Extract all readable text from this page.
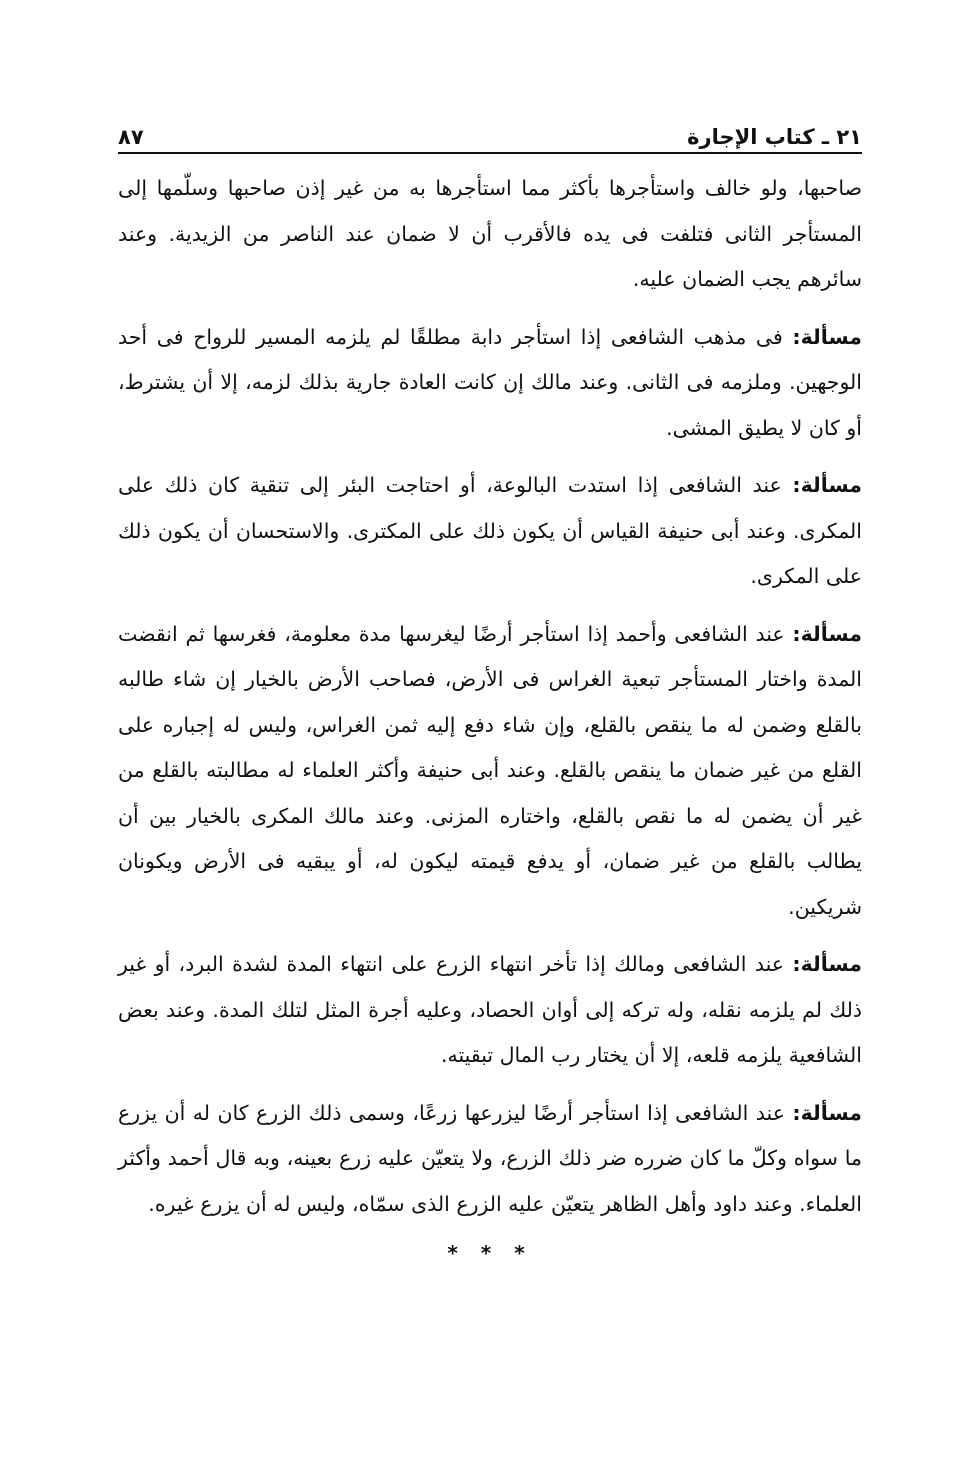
٢١ ـ كتاب الإجارة
٨٧

صاحبها، ولو خالف واستأجرها بأكثر مما استأجرها به من غير إذن صاحبها وسلّمها إلى المستأجر الثانى فتلفت فى يده فالأقرب أن لا ضمان عند الناصر من الزيدية. وعند سائرهم يجب الضمان عليه.

مسألة: فى مذهب الشافعى إذا استأجر دابة مطلقًا لم يلزمه المسير للرواح فى أحد الوجهين. وملزمه فى الثانى. وعند مالك إن كانت العادة جارية بذلك لزمه، إلا أن يشترط، أو كان لا يطيق المشى.

مسألة: عند الشافعى إذا استدت البالوعة، أو احتاجت البئر إلى تنقية كان ذلك على المكرى. وعند أبى حنيفة القياس أن يكون ذلك على المكترى. والاستحسان أن يكون ذلك على المكرى.

مسألة: عند الشافعى وأحمد إذا استأجر أرضًا ليغرسها مدة معلومة، فغرسها ثم انقضت المدة واختار المستأجر تبعية الغراس فى الأرض، فصاحب الأرض بالخيار إن شاء طالبه بالقلع وضمن له ما ينقص بالقلع، وإن شاء دفع إليه ثمن الغراس، وليس له إجباره على القلع من غير ضمان ما ينقص بالقلع. وعند أبى حنيفة وأكثر العلماء له مطالبته بالقلع من غير أن يضمن له ما نقص بالقلع، واختاره المزنى. وعند مالك المكرى بالخيار بين أن يطالب بالقلع من غير ضمان، أو يدفع قيمته ليكون له، أو يبقيه فى الأرض ويكونان شريكين.

مسألة: عند الشافعى ومالك إذا تأخر انتهاء الزرع على انتهاء المدة لشدة البرد، أو غير ذلك لم يلزمه نقله، وله تركه إلى أوان الحصاد، وعليه أجرة المثل لتلك المدة. وعند بعض الشافعية يلزمه قلعه، إلا أن يختار رب المال تبقيته.

مسألة: عند الشافعى إذا استأجر أرضًا ليزرعها زرعًا، وسمى ذلك الزرع كان له أن يزرع ما سواه وكلّ ما كان ضرره ضر ذلك الزرع، ولا يتعيّن عليه زرع بعينه، وبه قال أحمد وأكثر العلماء. وعند داود وأهل الظاهر يتعيّن عليه الزرع الذى سمّاه، وليس له أن يزرع غيره.

* * *
